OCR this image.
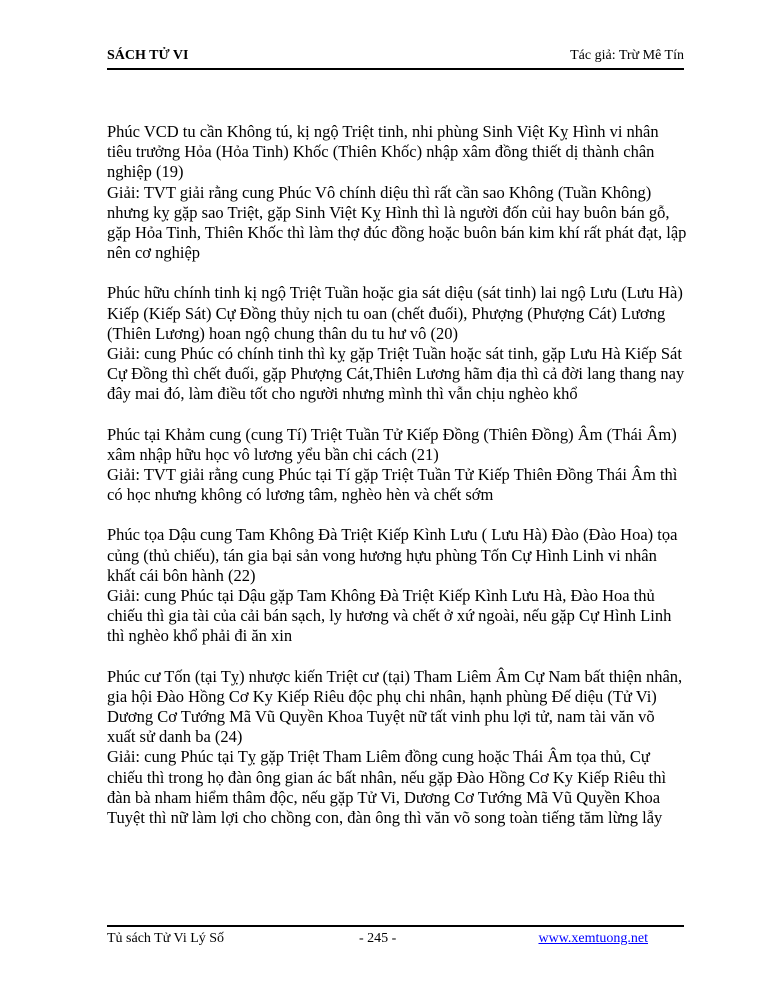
SÁCH TỬ VI	Tác giả: Trừ Mê Tín

Phúc VCD tu cần Không tú, kị ngộ Triệt tinh, nhi phùng Sinh Việt Kỵ Hình vi nhân tiêu trưởng Hỏa (Hỏa Tinh) Khốc (Thiên Khốc) nhập xâm đồng thiết dị thành chân nghiệp (19)

Giải: TVT giải rằng cung Phúc Vô chính diệu thì rất cần sao Không (Tuần Không) nhưng kỵ gặp sao Triệt, gặp Sinh Việt Kỵ Hình thì là người đốn củi hay buôn bán gỗ, gặp Hỏa Tinh, Thiên Khốc thì làm thợ đúc đồng hoặc buôn bán kim khí rất phát đạt, lập nên cơ nghiệp

Phúc hữu chính tinh kị ngộ Triệt Tuần hoặc gia sát diệu (sát tinh) lai ngộ Lưu (Lưu Hà) Kiếp (Kiếp Sát) Cự Đồng thủy nịch tu oan (chết đuối), Phượng (Phượng Cát) Lương (Thiên Lương) hoan ngộ chung thân du tu hư vô (20)

Giải: cung Phúc có chính tinh thì kỵ gặp Triệt Tuần hoặc sát tinh, gặp Lưu Hà Kiếp Sát Cự Đồng thì chết đuối, gặp Phượng Cát,Thiên Lương hãm địa thì cả đời lang thang nay đây mai đó, làm điều tốt cho người nhưng mình thì vẫn chịu nghèo khổ

Phúc tại Khảm cung (cung Tí) Triệt Tuần Tử Kiếp Đồng (Thiên Đồng) Âm (Thái Âm) xâm nhập hữu học vô lương yểu bần chi cách (21)

Giải: TVT giải rằng cung Phúc tại Tí gặp Triệt Tuần Tử Kiếp Thiên Đồng Thái Âm thì có học nhưng không có lương tâm, nghèo hèn và chết sớm

Phúc tọa Dậu cung Tam Không Đà Triệt Kiếp Kình Lưu ( Lưu Hà) Đào (Đào Hoa) tọa củng (thủ chiếu), tán gia bại sản vong hương hựu phùng Tốn Cự Hình Linh vi nhân khất cái bôn hành (22)

Giải: cung Phúc tại Dậu gặp Tam Không Đà Triệt Kiếp Kình Lưu Hà, Đào Hoa thủ chiếu thì gia tài của cải bán sạch, ly hương và chết ở xứ ngoài, nếu gặp Cự Hình Linh thì nghèo khổ phải đi ăn xin

Phúc cư Tốn (tại Tỵ) nhược kiến Triệt cư (tại) Tham Liêm Âm Cự Nam bất thiện nhân, gia hội Đào Hồng Cơ Ky Kiếp Riêu độc phụ chi nhân, hạnh phùng Đế diệu (Tử Vi) Dương Cơ Tướng Mã Vũ Quyền Khoa Tuyệt nữ tất vinh phu lợi tử, nam tài văn võ xuất sử danh ba (24)

Giải: cung Phúc tại Tỵ gặp Triệt Tham Liêm đồng cung hoặc Thái Âm tọa thủ, Cự chiếu thì trong họ đàn ông gian ác bất nhân, nếu gặp Đào Hồng Cơ Ky Kiếp Riêu thì đàn bà nham hiểm thâm độc, nếu gặp Tử Vi, Dương Cơ Tướng Mã Vũ Quyền Khoa Tuyệt thì nữ làm lợi cho chồng con, đàn ông thì văn võ song toàn tiếng tăm lừng lẫy

Tủ sách Tử Vi Lý Số	- 245 -	www.xemtuong.net
